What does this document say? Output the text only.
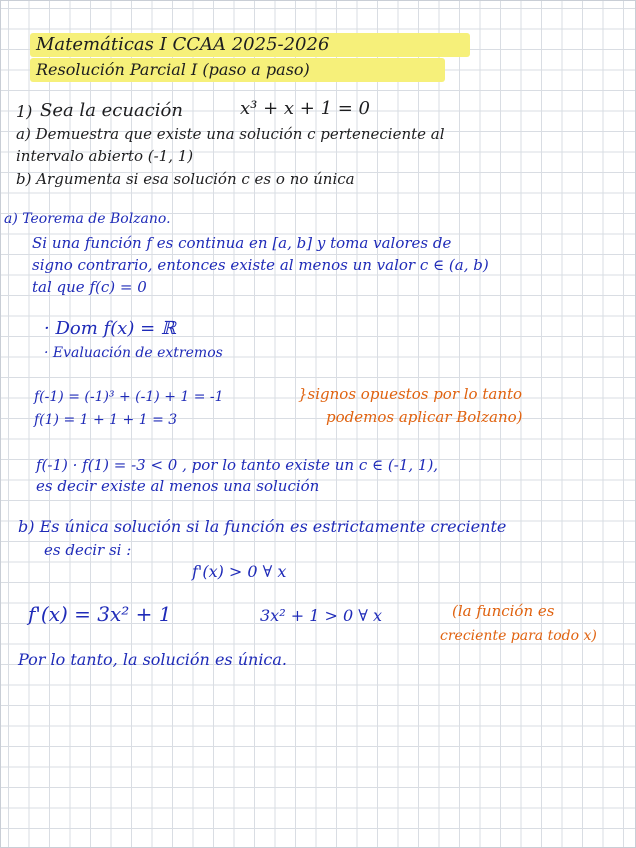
Matemáticas I CCAA 2025-2026

Resolución Parcial I (paso a paso)

1) Sea la ecuación	x³ + x + 1 = 0

a) Demuestra que existe una solución c perteneciente al

intervalo abierto (-1, 1)

b) Argumenta si esa solución c es o no única

a) Teorema de Bolzano.

Si una función f es continua en [a, b] y toma valores de

signo contrario, entonces existe al menos un valor c ∈ (a, b)

tal que f(c) = 0

· Dom f(x) = ℝ

· Evaluación de extremos

f(-1) = (-1)³ + (-1) + 1 = -1

f(1) = 1 + 1 + 1 = 3

}signos opuestos por lo tanto

podemos aplicar Bolzano)

f(-1) · f(1) = -3 < 0 , por lo tanto existe un c ∈ (-1, 1),

es decir existe al menos una solución

b) Es única solución si la función es estrictamente creciente

es decir si :

f'(x) > 0 ∀ x

f'(x) = 3x² + 1	3x² + 1 > 0 ∀ x	(la función es

creciente para todo x)

Por lo tanto, la solución es única.
